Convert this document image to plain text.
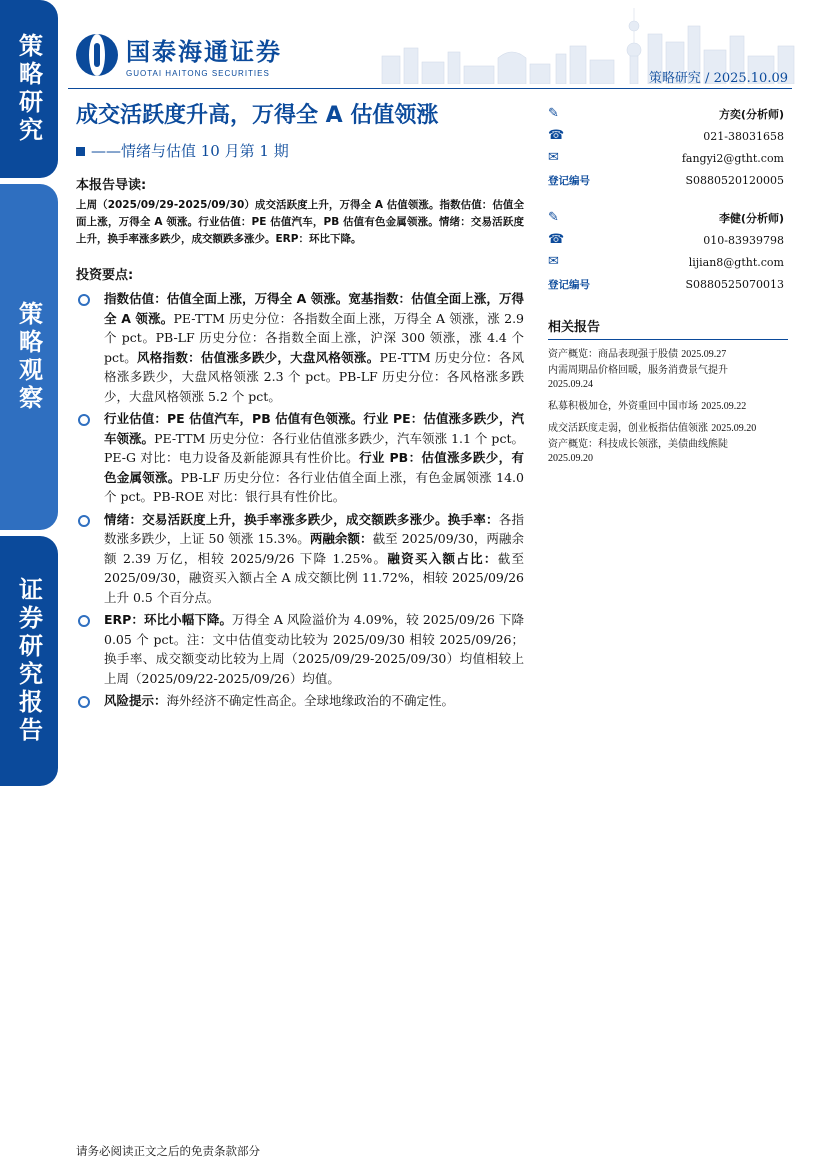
策略研究
策略观察
证券研究报告
国泰海通证券
GUOTAI HAITONG SECURITIES	策略研究 / 2025.10.09
成交活跃度升高，万得全 A 估值领涨
——情绪与估值 10 月第 1 期
本报告导读:
上周（2025/09/29-2025/09/30）成交活跃度上升，万得全 A 估值领涨。指数估值：估值全面上涨，万得全 A 领涨。行业估值：PE 估值汽车，PB 估值有色金属领涨。情绪：交易活跃度上升，换手率涨多跌少，成交额跌多涨少。ERP：环比下降。
投资要点:
指数估值：估值全面上涨，万得全 A 领涨。宽基指数：估值全面上涨，万得全 A 领涨。PE-TTM 历史分位：各指数全面上涨，万得全 A 领涨，涨 2.9 个 pct。PB-LF 历史分位：各指数全面上涨，沪深 300 领涨，涨 4.4 个 pct。风格指数：估值涨多跌少，大盘风格领涨。PE-TTM 历史分位：各风格涨多跌少，大盘风格领涨 2.3 个 pct。PB-LF 历史分位：各风格涨多跌少，大盘风格领涨 5.2 个 pct。
行业估值：PE 估值汽车，PB 估值有色领涨。行业 PE：估值涨多跌少，汽车领涨。PE-TTM 历史分位：各行业估值涨多跌少，汽车领涨 1.1 个 pct。PE-G 对比：电力设备及新能源具有性价比。行业 PB：估值涨多跌少，有色金属领涨。PB-LF 历史分位：各行业估值全面上涨，有色金属领涨 14.0 个 pct。PB-ROE 对比：银行具有性价比。
情绪：交易活跃度上升，换手率涨多跌少，成交额跌多涨少。换手率：各指数涨多跌少，上证 50 领涨 15.3%。两融余额：截至 2025/09/30，两融余额 2.39 万亿，相较 2025/9/26 下降 1.25%。融资买入额占比：截至 2025/09/30，融资买入额占全 A 成交额比例 11.72%，相较 2025/09/26 上升 0.5 个百分点。
ERP：环比小幅下降。万得全 A 风险溢价为 4.09%，较 2025/09/26 下降 0.05 个 pct。注：文中估值变动比较为 2025/09/30 相较 2025/09/26；换手率、成交额变动比较为上周（2025/09/29-2025/09/30）均值相较上上周（2025/09/22-2025/09/26）均值。
风险提示：海外经济不确定性高企。全球地缘政治的不确定性。
✎	方奕(分析师)
☎	021-38031658
✉	fangyi2@gtht.com
登记编号	S0880520120005
✎	李健(分析师)
☎	010-83939798
✉	lijian8@gtht.com
登记编号	S0880525070013
相关报告
资产概览：商品表现强于股债 2025.09.27
内需周期品价格回暖，服务消费景气提升
2025.09.24
私募积极加仓，外资重回中国市场 2025.09.22
成交活跃度走弱，创业板指估值领涨 2025.09.20
资产概览：科技成长领涨，美债曲线熊陡
2025.09.20
请务必阅读正文之后的免责条款部分
